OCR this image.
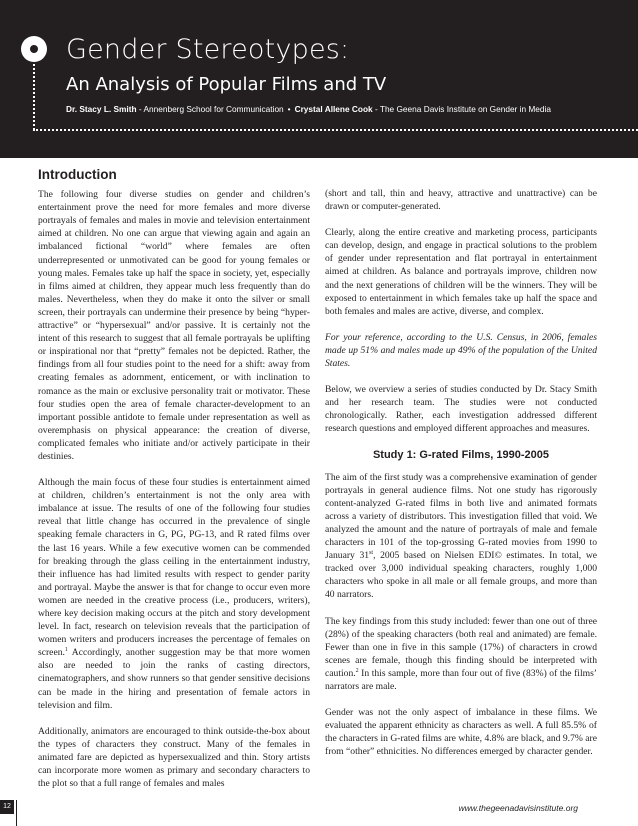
Gender Stereotypes:
An Analysis of Popular Films and TV
Dr. Stacy L. Smith - Annenberg School for Communication • Crystal Allene Cook - The Geena Davis Institute on Gender in Media
Introduction

The following four diverse studies on gender and children’s entertainment prove the need for more females and more diverse portrayals of females and males in movie and television entertainment aimed at children. No one can argue that viewing again and again an imbalanced fictional “world” where females are often underrepresented or unmotivated can be good for young females or young males. Females take up half the space in society, yet, especially in films aimed at children, they appear much less frequently than do males. Nevertheless, when they do make it onto the silver or small screen, their portrayals can undermine their presence by being “hyper-attractive” or “hypersexual” and/or passive. It is certainly not the intent of this research to suggest that all female portrayals be uplifting or inspirational nor that “pretty” females not be depicted. Rather, the findings from all four studies point to the need for a shift: away from creating females as adornment, enticement, or with inclination to romance as the main or exclusive personality trait or motivator. These four studies open the area of female character-development to an important possible antidote to female under representation as well as overemphasis on physical appearance: the creation of diverse, complicated females who initiate and/or actively participate in their destinies.

Although the main focus of these four studies is entertainment aimed at children, children’s entertainment is not the only area with imbalance at issue. The results of one of the following four studies reveal that little change has occurred in the prevalence of single speaking female characters in G, PG, PG-13, and R rated films over the last 16 years. While a few executive women can be commended for breaking through the glass ceiling in the entertainment industry, their influence has had limited results with respect to gender parity and portrayal. Maybe the answer is that for change to occur even more women are needed in the creative process (i.e., producers, writers), where key decision making occurs at the pitch and story development level. In fact, research on television reveals that the participation of women writers and producers increases the percentage of females on screen.$^1$ Accordingly, another suggestion may be that more women also are needed to join the ranks of casting directors, cinematographers, and show runners so that gender sensitive decisions can be made in the hiring and presentation of female actors in television and film.

Additionally, animators are encouraged to think outside-the-box about the types of characters they construct. Many of the females in animated fare are depicted as hypersexualized and thin. Story artists can incorporate more women as primary and secondary characters to the plot so that a full range of females and males

(short and tall, thin and heavy, attractive and unattractive) can be drawn or computer-generated.

Clearly, along the entire creative and marketing process, participants can develop, design, and engage in practical solutions to the problem of gender under representation and flat portrayal in entertainment aimed at children. As balance and portrayals improve, children now and the next generations of children will be the winners. They will be exposed to entertainment in which females take up half the space and both females and males are active, diverse, and complex.

For your reference, according to the U.S. Census, in 2006, females made up 51% and males made up 49% of the population of the United States.

Below, we overview a series of studies conducted by Dr. Stacy Smith and her research team. The studies were not conducted chronologically. Rather, each investigation addressed different research questions and employed different approaches and measures.

Study 1: G-rated Films, 1990-2005

The aim of the first study was a comprehensive examination of gender portrayals in general audience films. Not one study has rigorously content-analyzed G-rated films in both live and animated formats across a variety of distributors. This investigation filled that void. We analyzed the amount and the nature of portrayals of male and female characters in 101 of the top-grossing G-rated movies from 1990 to January 31st, 2005 based on Nielsen EDI© estimates. In total, we tracked over 3,000 individual speaking characters, roughly 1,000 characters who spoke in all male or all female groups, and more than 40 narrators.

The key findings from this study included: fewer than one out of three (28%) of the speaking characters (both real and animated) are female. Fewer than one in five in this sample (17%) of characters in crowd scenes are female, though this finding should be interpreted with caution.$^2$ In this sample, more than four out of five (83%) of the films’ narrators are male.

Gender was not the only aspect of imbalance in these films. We evaluated the apparent ethnicity as characters as well. A full 85.5% of the characters in G-rated films are white, 4.8% are black, and 9.7% are from “other” ethnicities. No differences emerged by character gender.

12	www.thegeenadavisinstitute.org
